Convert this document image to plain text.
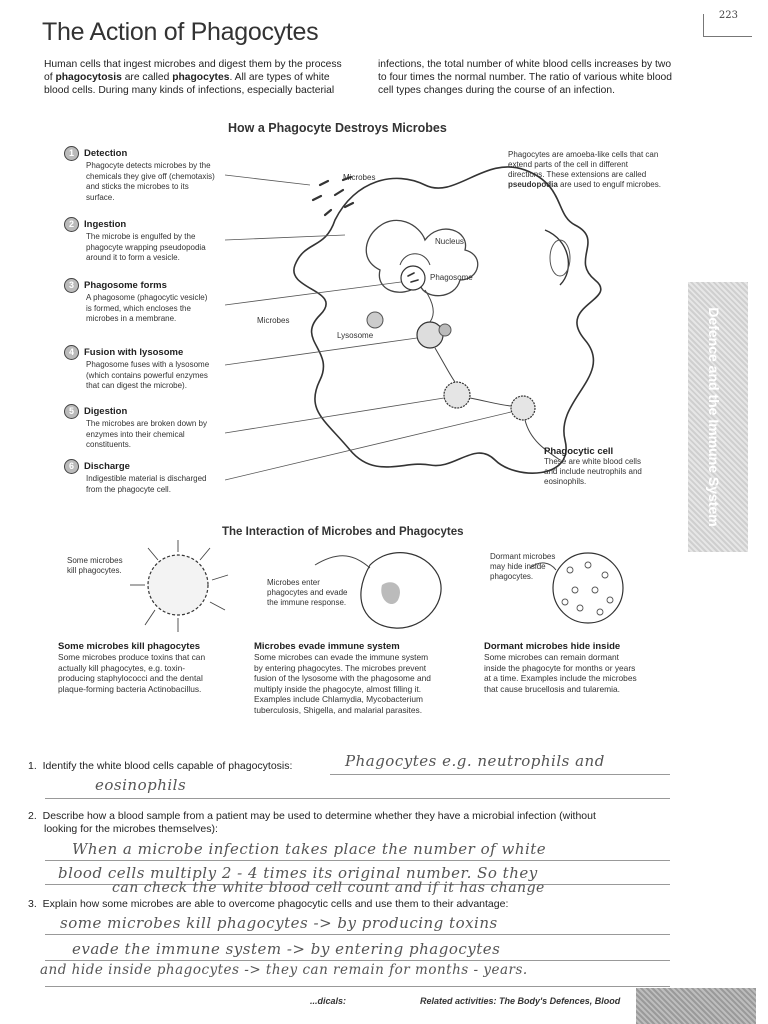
The Action of Phagocytes
223
Human cells that ingest microbes and digest them by the process
of phagocytosis are called phagocytes. All are types of white
blood cells. During many kinds of infections, especially bacterial
infections, the total number of white blood cells increases by two
to four times the normal number. The ratio of various white blood
cell types changes during the course of an infection.
How a Phagocyte Destroys Microbes
1 Detection
Phagocyte detects microbes by the
chemicals they give off (chemotaxis)
and sticks the microbes to its
surface.
2 Ingestion
The microbe is engulfed by the
phagocyte wrapping pseudopodia
around it to form a vesicle.
3 Phagosome forms
A phagosome (phagocytic vesicle)
is formed, which encloses the
microbes in a membrane.
4 Fusion with lysosome
Phagosome fuses with a lysosome
(which contains powerful enzymes
that can digest the microbe).
5 Digestion
The microbes are broken down by
enzymes into their chemical
constituents.
6 Discharge
Indigestible material is discharged
from the phagocyte cell.
Microbes
Nucleus
Phagosome
Microbes
Lysosome
Phagocytes are amoeba-like cells that can
extend parts of the cell in different
directions. These extensions are called
pseudopodia are used to engulf microbes.
Phagocytic cell
These are white blood cells
and include neutrophils and
eosinophils.	Defence and the Immune System
The Interaction of Microbes and Phagocytes
Some microbes
kill phagocytes.
Microbes enter
phagocytes and evade
the immune response.
Dormant microbes
may hide inside
phagocytes.
Some microbes kill phagocytes
Some microbes produce toxins that can
actually kill phagocytes, e.g. toxin-
producing staphylococci and the dental
plaque-forming bacteria Actinobacillus.
Microbes evade immune system
Some microbes can evade the immune system
by entering phagocytes. The microbes prevent
fusion of the lysosome with the phagosome and
multiply inside the phagocyte, almost filling it.
Examples include Chlamydia, Mycobacterium
tuberculosis, Shigella, and malarial parasites.
Dormant microbes hide inside
Some microbes can remain dormant
inside the phagocyte for months or years
at a time. Examples include the microbes
that cause brucellosis and tularemia.
1. Identify the white blood cells capable of phagocytosis:	Phagocytes e.g. neutrophils and
eosinophils
2. Describe how a blood sample from a patient may be used to determine whether they have a microbial infection (without
looking for the microbes themselves):
When a microbe infection takes place the number of white
blood cells multiply 2 - 4 times its original number. So they
can check the white blood cell count and if it has change
3. Explain how some microbes are able to overcome phagocytic cells and use them to their advantage:
some microbes kill phagocytes -> by producing toxins
evade the immune system -> by entering phagocytes
and hide inside phagocytes -> they can remain for months - years.
...dicals:	Related activities: The Body's Defences, Blood
